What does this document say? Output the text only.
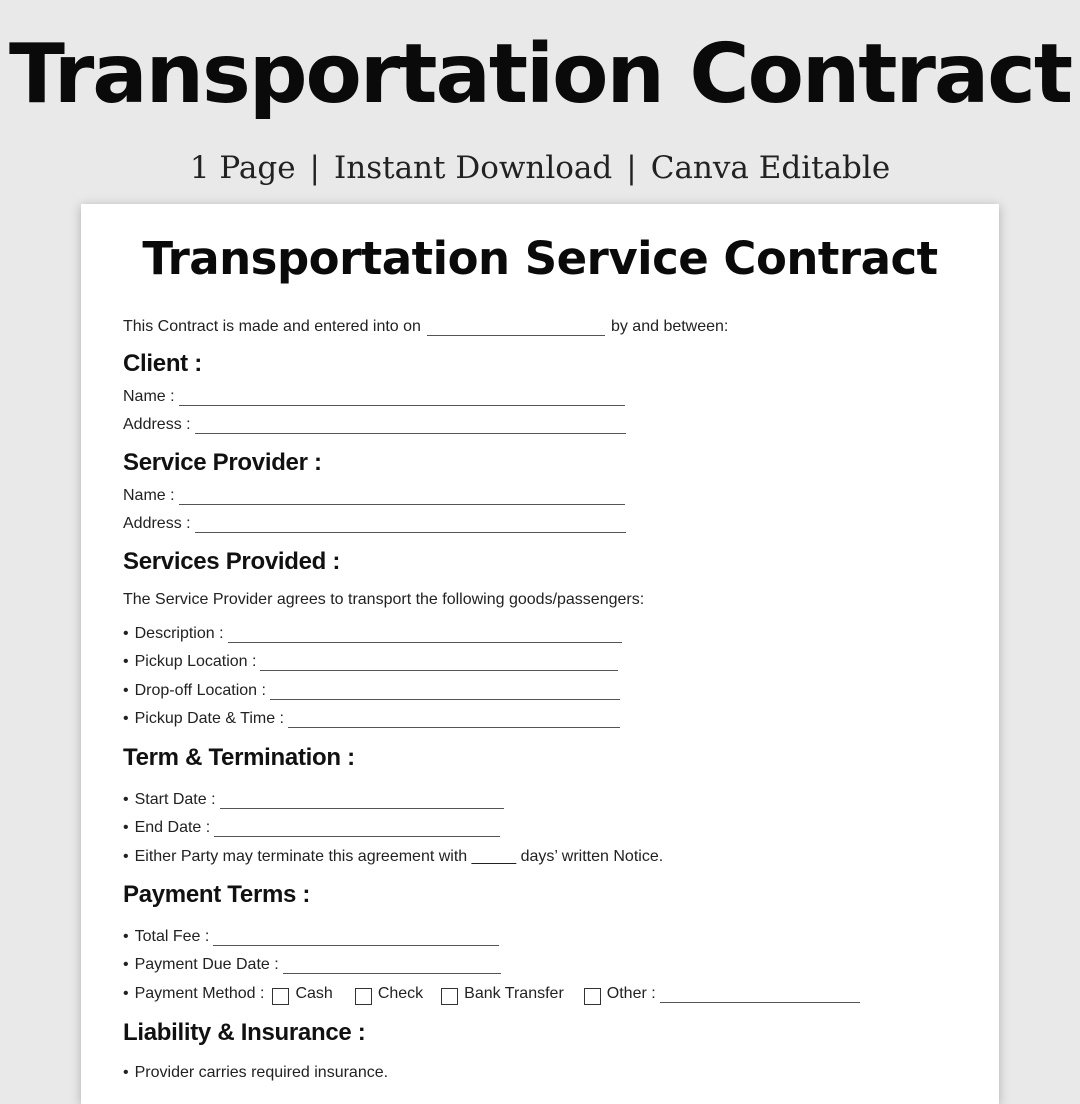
Transportation Contract
1 Page | Instant Download | Canva Editable
Transportation Service Contract
This Contract is made and entered into on	by and between:
Client :
Name :
Address :
Service Provider :
Name :
Address :
Services Provided :
The Service Provider agrees to transport the following goods/passengers:
• Description :
• Pickup Location :
• Drop-off Location :
• Pickup Date & Time :
Term & Termination :
• Start Date :
• End Date :
• Either Party may terminate this agreement with
_____
days’ written Notice.
Payment Terms :
• Total Fee :
• Payment Due Date :
• Payment Method : Cash	Check	Bank Transfer	Other :
Liability & Insurance :
• Provider carries required insurance.
